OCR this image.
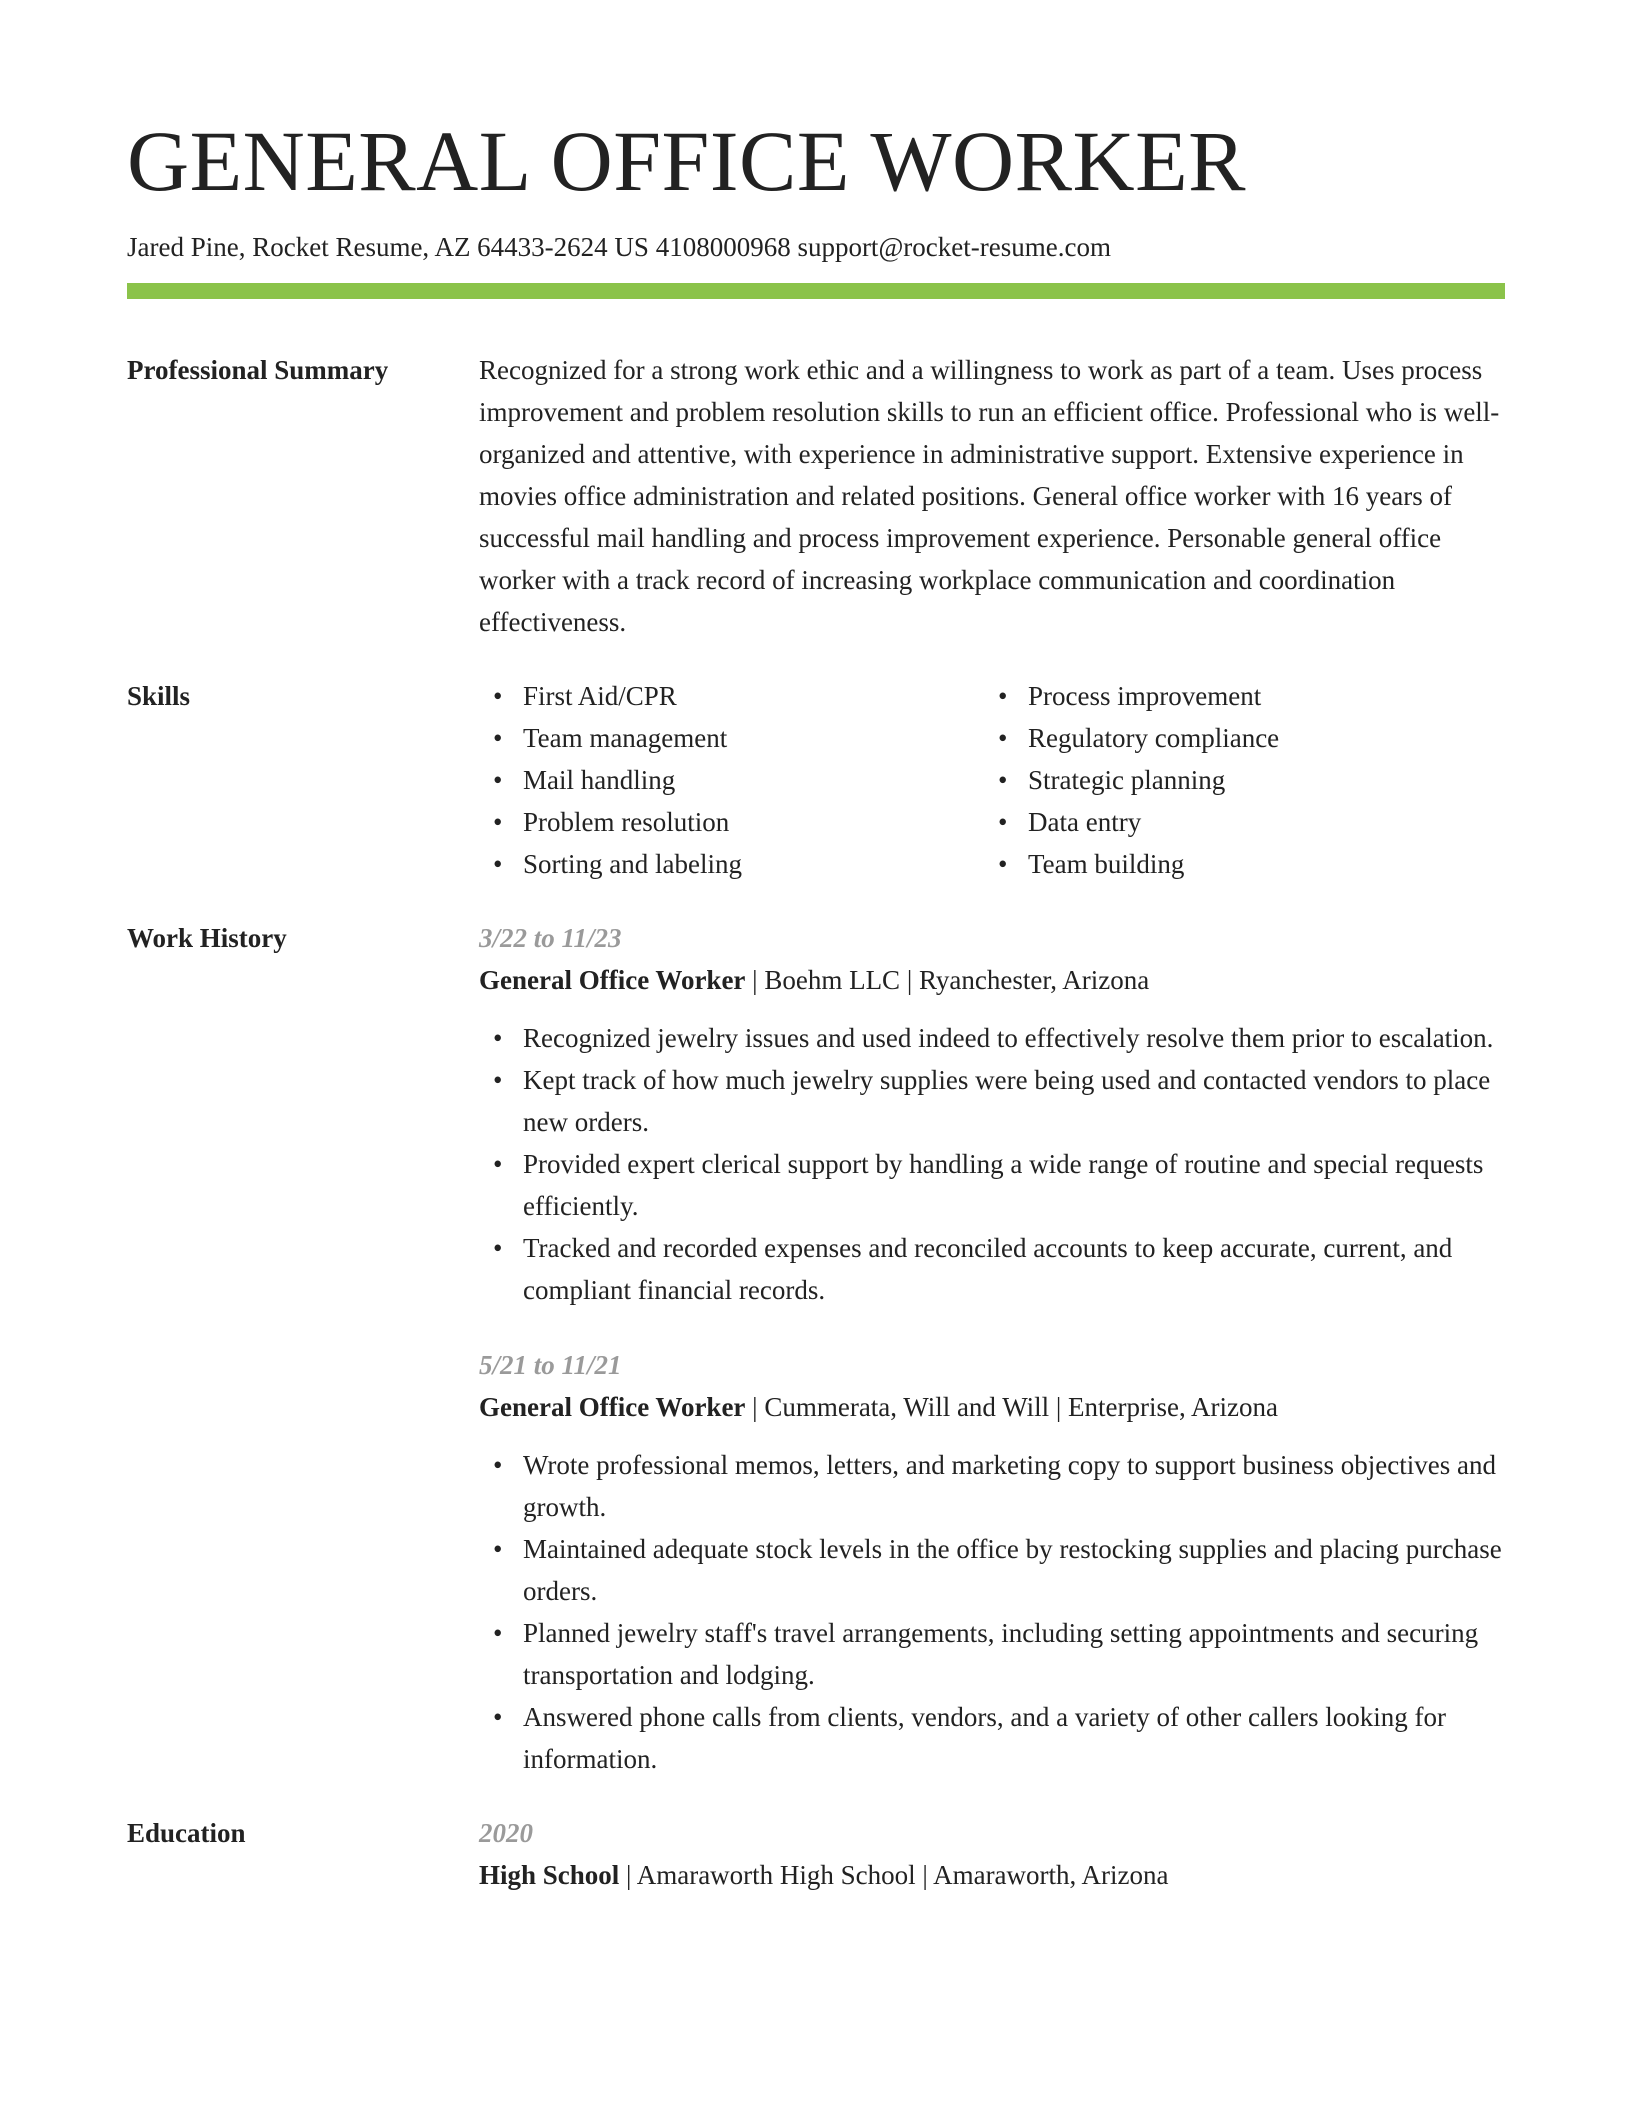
GENERAL OFFICE WORKER
Jared Pine, Rocket Resume, AZ 64433-2624 US 4108000968 support@rocket-resume.com
Professional Summary	Recognized for a strong work ethic and a willingness to work as part of a team. Uses process improvement and problem resolution skills to run an efficient office. Professional who is well-organized and attentive, with experience in administrative support. Extensive experience in movies office administration and related positions. General office worker with 16 years of successful mail handling and process improvement experience. Personable general office worker with a track record of increasing workplace communication and coordination effectiveness.
Skills
•	First Aid/CPR
• Team management
• Mail handling
• Problem resolution
• Sorting and labeling
• Process improvement
• Regulatory compliance
• Strategic planning
• Data entry
• Team building
Work History	3/22 to 11/23
General Office Worker | Boehm LLC | Ryanchester, Arizona
• Recognized jewelry issues and used indeed to effectively resolve them prior to escalation.
• Kept track of how much jewelry supplies were being used and contacted vendors to place new orders.
• Provided expert clerical support by handling a wide range of routine and special requests efficiently.
• Tracked and recorded expenses and reconciled accounts to keep accurate, current, and compliant financial records.
5/21 to 11/21
General Office Worker | Cummerata, Will and Will | Enterprise, Arizona
• Wrote professional memos, letters, and marketing copy to support business objectives and growth.
• Maintained adequate stock levels in the office by restocking supplies and placing purchase orders.
• Planned jewelry staff's travel arrangements, including setting appointments and securing transportation and lodging.
• Answered phone calls from clients, vendors, and a variety of other callers looking for information.
Education	2020
High School | Amaraworth High School | Amaraworth, Arizona
